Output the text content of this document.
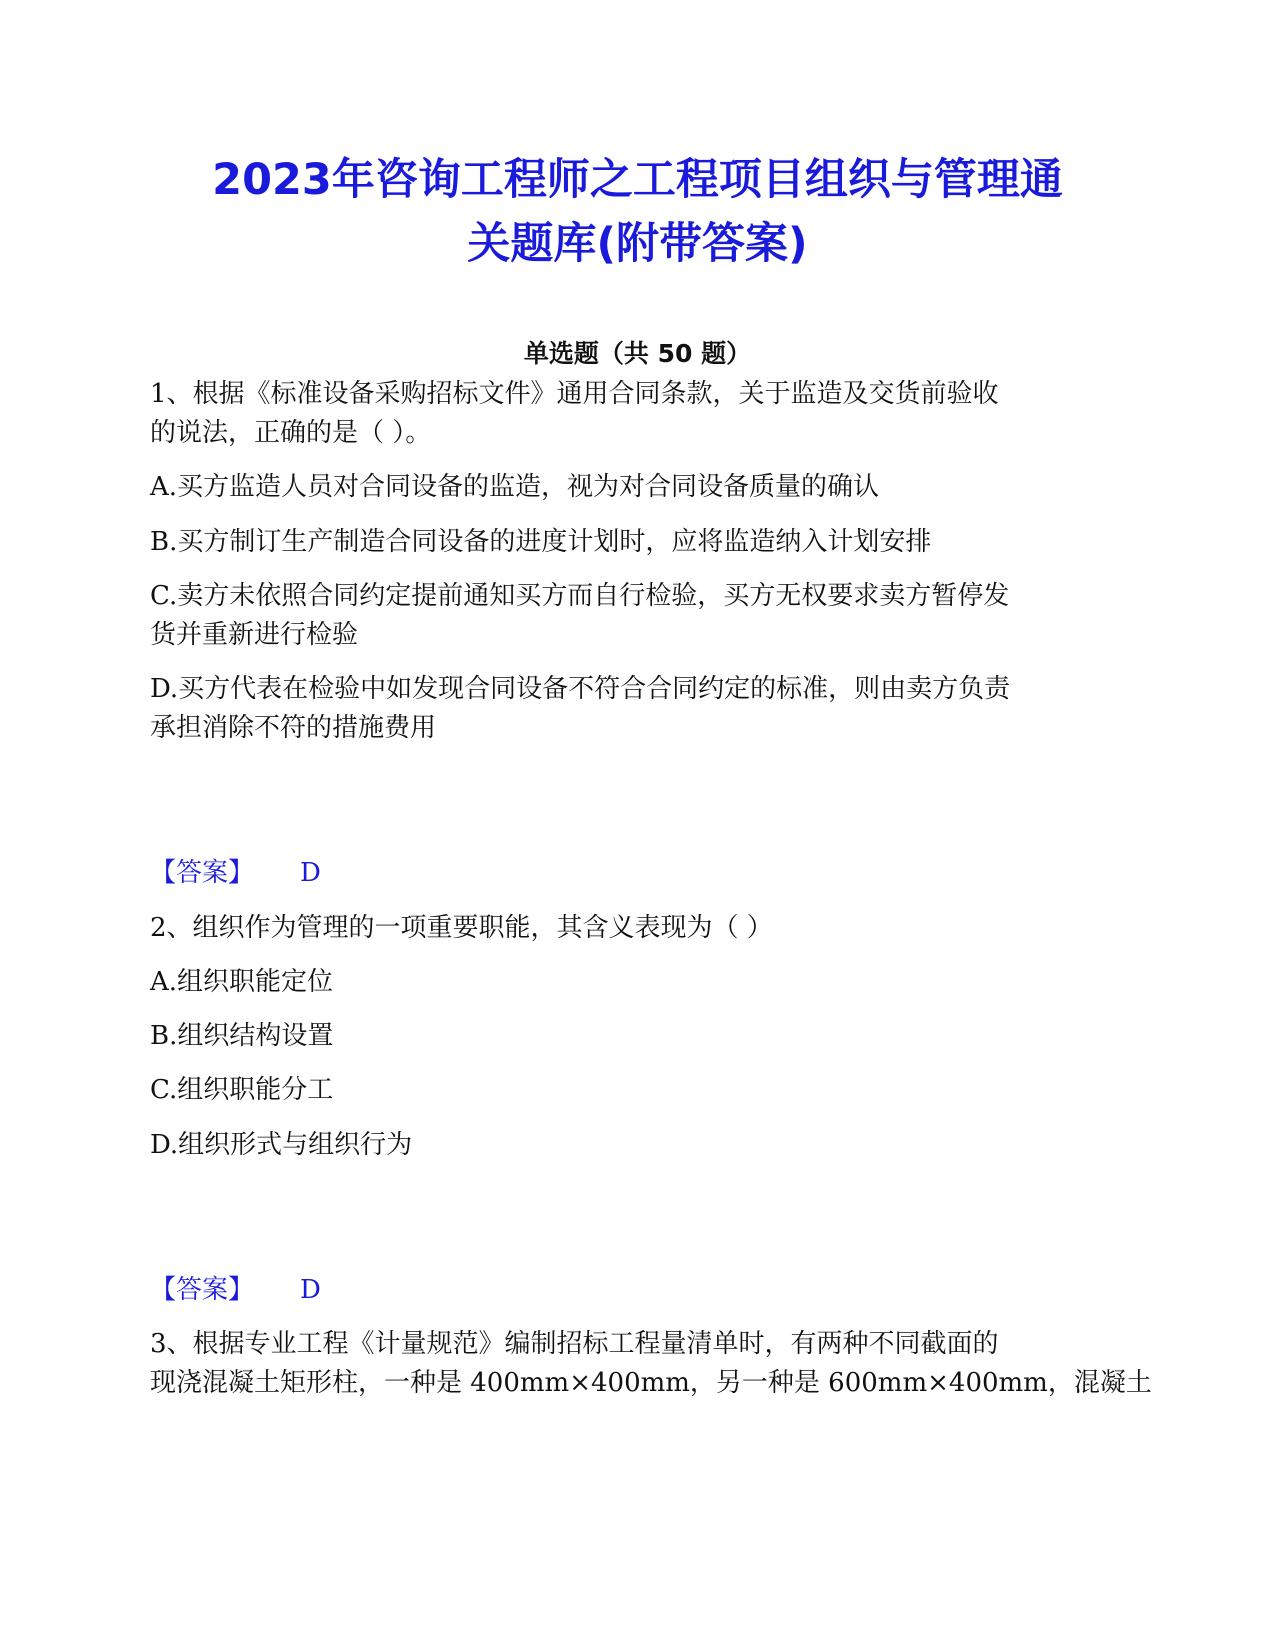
2023年咨询工程师之工程项目组织与管理通
关题库(附带答案)
单选题（共 50 题）
1、根据《标准设备采购招标文件》通用合同条款，关于监造及交货前验收
的说法，正确的是（ ）。
A.买方监造人员对合同设备的监造，视为对合同设备质量的确认
B.买方制订生产制造合同设备的进度计划时，应将监造纳入计划安排
C.卖方未依照合同约定提前通知买方而自行检验，买方无权要求卖方暂停发
货并重新进行检验
D.买方代表在检验中如发现合同设备不符合合同约定的标准，则由卖方负责
承担消除不符的措施费用
【答案】 D
2、组织作为管理的一项重要职能，其含义表现为（ ）
A.组织职能定位
B.组织结构设置
C.组织职能分工
D.组织形式与组织行为
【答案】 D
3、根据专业工程《计量规范》编制招标工程量清单时，有两种不同截面的
现浇混凝土矩形柱，一种是 400mm×400mm，另一种是 600mm×400mm，混凝土
